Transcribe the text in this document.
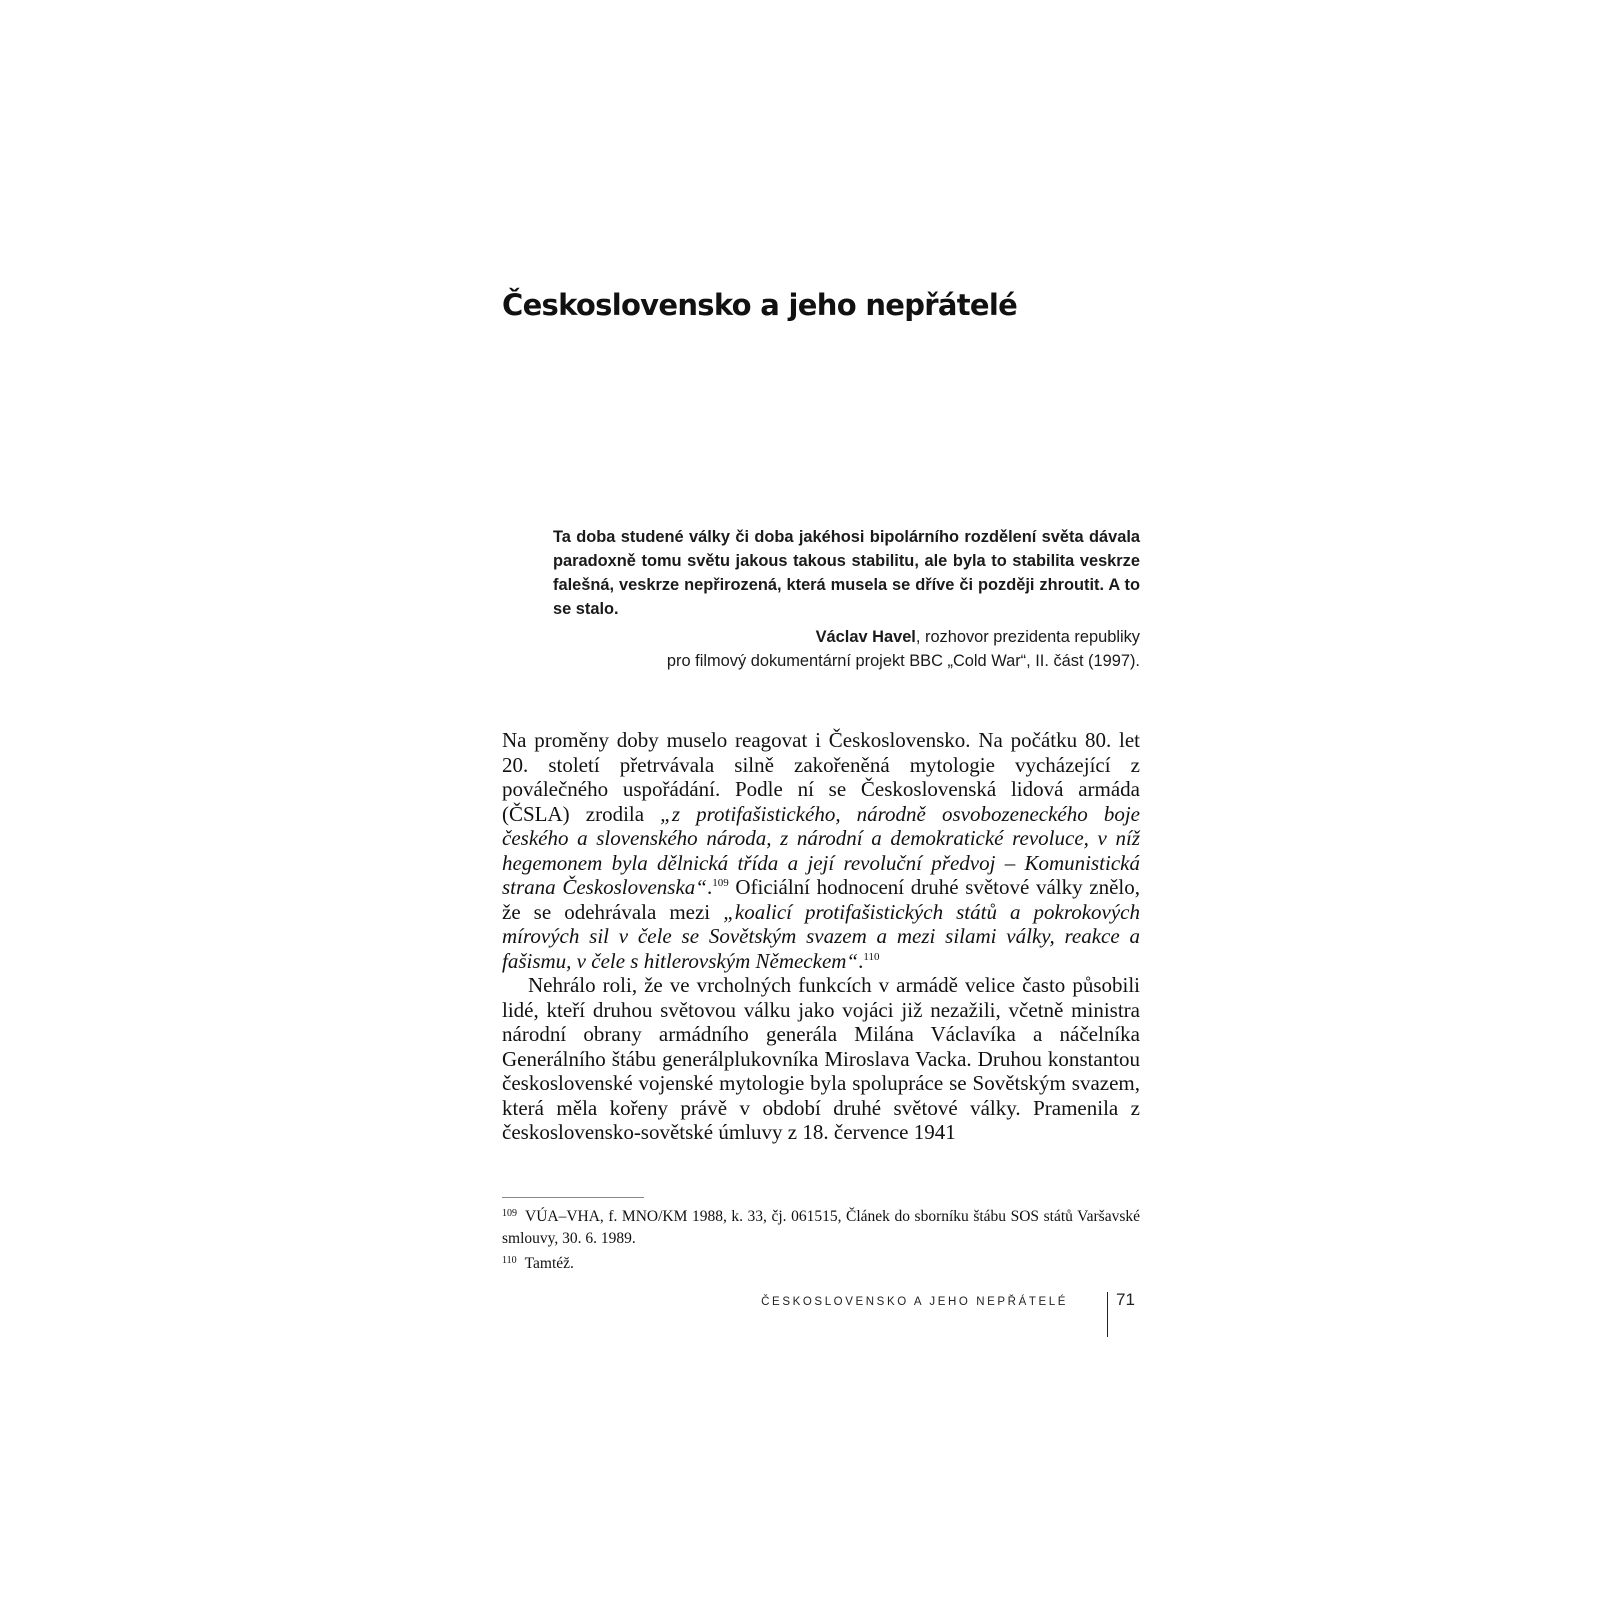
Československo a jeho nepřátelé

Ta doba studené války či doba jakéhosi bipolárního rozdělení světa dávala paradoxně tomu světu jakous takous stabilitu, ale byla to stabilita veskrze falešná, veskrze nepřirozená, která musela se dříve či později zhroutit. A to se stalo.

Václav Havel, rozhovor prezidenta republiky
pro filmový dokumentární projekt BBC „Cold War“, II. část (1997).

Na proměny doby muselo reagovat i Československo. Na počátku 80. let 20. století přetrvávala silně zakořeněná mytologie vycházející z poválečného uspořádání. Podle ní se Československá lidová armáda (ČSLA) zrodila „z protifašistického, národně osvobozeneckého boje českého a slovenského národa, z národní a demokratické revoluce, v níž hegemonem byla dělnická třída a její revoluční předvoj – Komunistická strana Československa“.$^{109}$ Oficiální hodnocení druhé světové války znělo, že se odehrávala mezi „koalicí protifašistických států a pokrokových mírových sil v čele se Sovětským svazem a mezi silami války, reakce a fašismu, v čele s hitlerovským Německem“.$^{110}$

Nehrálo roli, že ve vrcholných funkcích v armádě velice často působili lidé, kteří druhou světovou válku jako vojáci již nezažili, včetně ministra národní obrany armádního generála Milána Václavíka a náčelníka Generálního štábu generálplukovníka Miroslava Vacka. Druhou konstantou československé vojenské mytologie byla spolupráce se Sovětským svazem, která měla kořeny právě v období druhé světové války. Pramenila z československo-sovětské úmluvy z 18. července 1941

$^{109}$ VÚA–VHA, f. MNO/KM 1988, k. 33, čj. 061515, Článek do sborníku štábu SOS států Varšavské smlouvy, 30. 6. 1989.

$^{110}$ Tamtéž.

ČESKOSLOVENSKO A JEHO NEPŘÁTELÉ	71
